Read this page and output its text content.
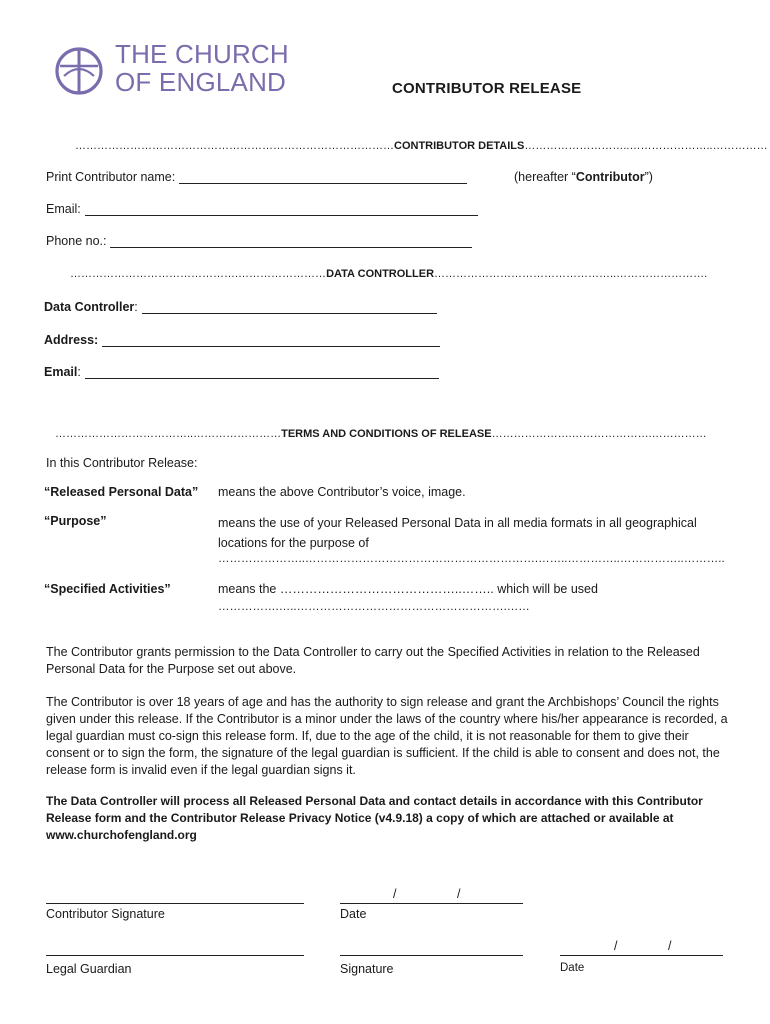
THE CHURCH
OF ENGLAND	CONTRIBUTOR RELEASE
……………………………………………………………………………CONTRIBUTOR DETAILS………………………..…………………..……………
Print Contributor name:	(hereafter “ Contributor ”)
Email:
Phone no.:
……………………………………….……………………DATA CONTROLLER…………………………………………..…………………….
Data Controller :
Address:
Email :
………………………………..……………………TERMS AND CONDITIONS OF RELEASE………………….………………….……………
In this Contributor Release:
“Released Personal Data” means the above Contributor’s voice, image.
“Purpose”	means the use of your Released Personal Data in all media formats in all geographical locations for the purpose of
…………………..…………………………………………………….……..…………..……………..………..
“Specified Activities”	means the ……………………………………..…….. which will be used
…………….…..……………………………………………….……
The Contributor grants permission to the Data Controller to carry out the Specified Activities in relation to the Released Personal Data for the Purpose set out above.
The Contributor is over 18 years of age and has the authority to sign release and grant the Archbishops’ Council the rights given under this release. If the Contributor is a minor under the laws of the country where his/her appearance is recorded, a legal guardian must co-sign this release form. If, due to the age of the child, it is not reasonable for them to give their consent or to sign the form, the signature of the legal guardian is sufficient. If the child is able to consent and does not, the release form is invalid even if the legal guardian signs it.
The Data Controller will process all Released Personal Data and contact details in accordance with this Contributor Release form and the Contributor Release Privacy Notice (v4.9.18) a copy of which are attached or available at www.churchofengland.org
Contributor Signature
/	/
Date
Legal Guardian	Signature
/	/
Date
